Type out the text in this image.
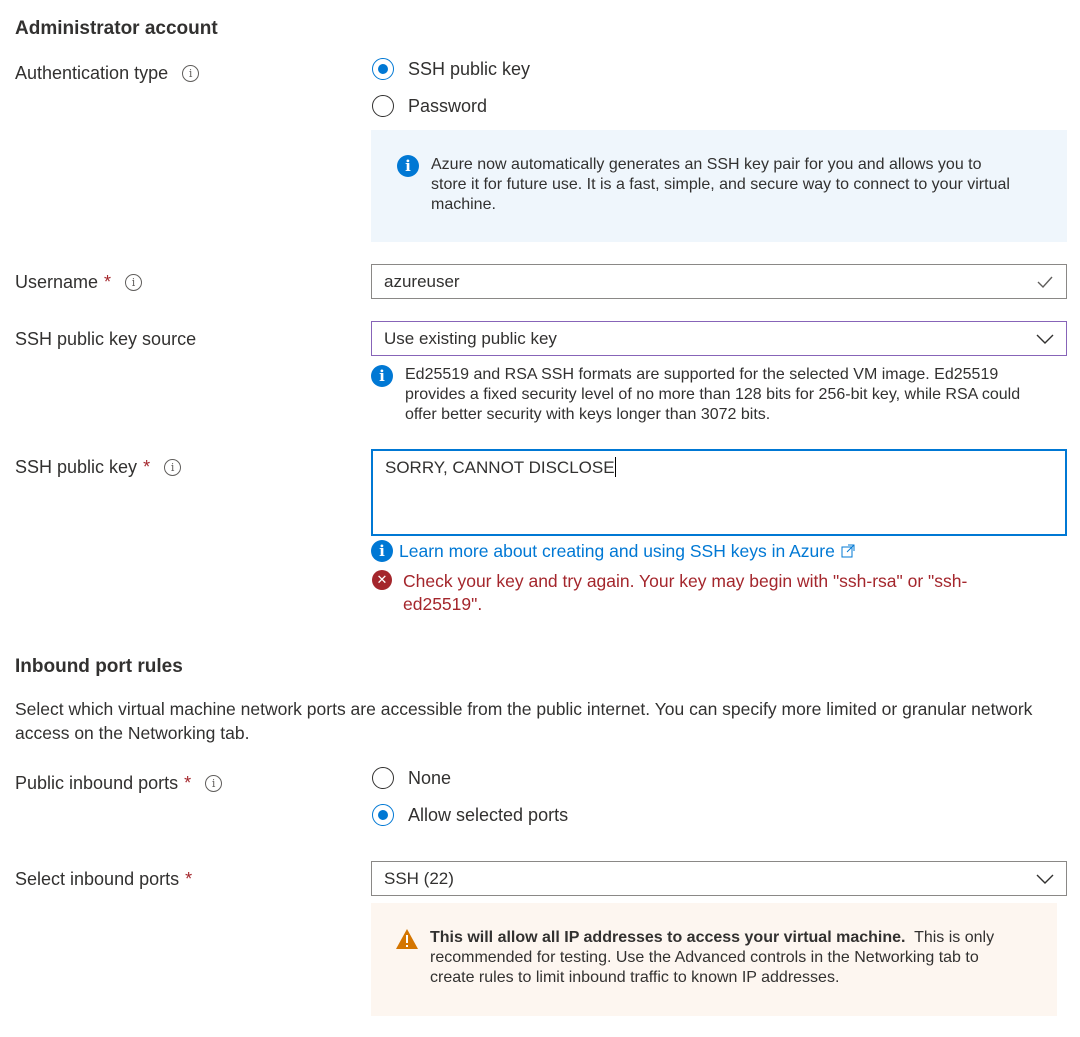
Administrator account
Authentication type	i	SSH public key
Password
i	Azure now automatically generates an SSH key pair for you and allows you to store it for future use. It is a fast, simple, and secure way to connect to your virtual machine.
Username *	i	azureuser
SSH public key source	Use existing public key
i	Ed25519 and RSA SSH formats are supported for the selected VM image. Ed25519 provides a fixed security level of no more than 128 bits for 256-bit key, while RSA could offer better security with keys longer than 3072 bits.
SSH public key *	i	SORRY, CANNOT DISCLOSE
i Learn more about creating and using SSH keys in Azure
✕ Check your key and try again. Your key may begin with "ssh-rsa" or "ssh-ed25519".
Inbound port rules
Select which virtual machine network ports are accessible from the public internet. You can specify more limited or granular network access on the Networking tab.
Public inbound ports *	i	None
Allow selected ports
Select inbound ports *	SSH (22)
This will allow all IP addresses to access your virtual machine. This is only recommended for testing. Use the Advanced controls in the Networking tab to create rules to limit inbound traffic to known IP addresses.
